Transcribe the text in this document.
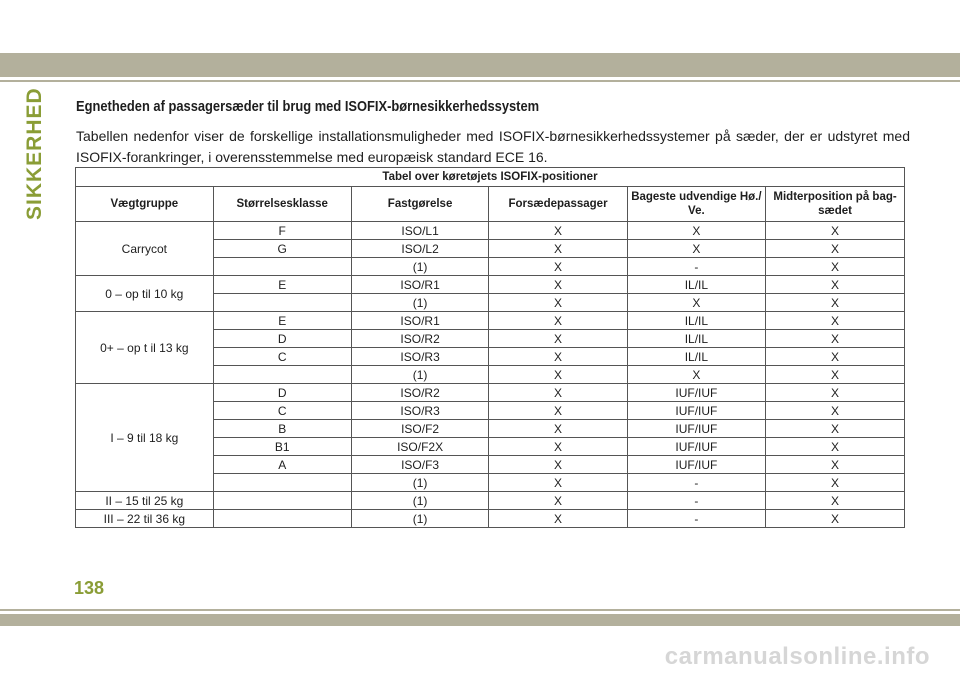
SIKKERHED Egnetheden af passagersæder til brug med ISOFIX-børnesikkerhedssystem

Tabellen nedenfor viser de forskellige installationsmuligheder med ISOFIX-børnesikkerhedssystemer på sæder, der er udstyret med ISOFIX-forankringer, i overensstemmelse med europæisk standard ECE 16.

Tabel over køretøjets ISOFIX-positioner					
Vægtgruppe	Størrelsesklasse	Fastgørelse	Forsædepassager	Bageste udvendige Hø./ Ve.	Midterposition på bag-sædet
Carrycot	F	ISO/L1	X	X	X
	G	ISO/L2	X	X	X
		(1)	X	-	X
0 – op til 10 kg	E	ISO/R1	X	IL/IL	X
		(1)	X	X	X
0+ – op t il 13 kg	E	ISO/R1	X	IL/IL	X
	D	ISO/R2	X	IL/IL	X
	C	ISO/R3	X	IL/IL	X
		(1)	X	X	X
I – 9 til 18 kg	D	ISO/R2	X	IUF/IUF	X
	C	ISO/R3	X	IUF/IUF	X
	B	ISO/F2	X	IUF/IUF	X
	B1	ISO/F2X	X	IUF/IUF	X
	A	ISO/F3	X	IUF/IUF	X
		(1)	X	-	X
II – 15 til 25 kg		(1)	X	-	X
III – 22 til 36 kg		(1)	X	-	X
138
carmanualsonline.info
